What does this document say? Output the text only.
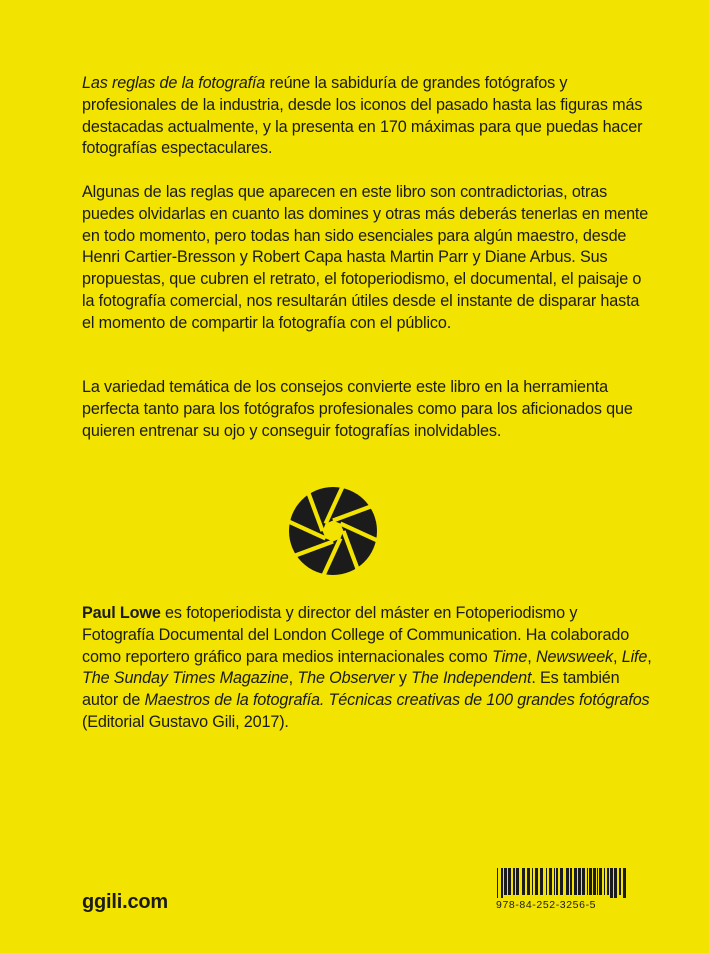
Las reglas de la fotografía reúne la sabiduría de grandes fotógrafos y profesionales de la industria, desde los iconos del pasado hasta las figuras más destacadas actualmente, y la presenta en 170 máximas para que puedas hacer fotografías espectaculares.

Algunas de las reglas que aparecen en este libro son contradictorias, otras puedes olvidarlas en cuanto las domines y otras más deberás tenerlas en mente en todo momento, pero todas han sido esenciales para algún maestro, desde Henri Cartier-Bresson y Robert Capa hasta Martin Parr y Diane Arbus. Sus propuestas, que cubren el retrato, el fotoperiodismo, el documental, el paisaje o la fotografía comercial, nos resultarán útiles desde el instante de disparar hasta el momento de compartir la fotografía con el público.

La variedad temática de los consejos convierte este libro en la herramienta perfecta tanto para los fotógrafos profesionales como para los aficionados que quieren entrenar su ojo y conseguir fotografías inolvidables.

Paul Lowe es fotoperiodista y director del máster en Fotoperiodismo y Fotografía Documental del London College of Communication. Ha colaborado como reportero gráfico para medios internacionales como Time, Newsweek, Life, The Sunday Times Magazine, The Observer y The Independent. Es también autor de Maestros de la fotografía. Técnicas creativas de 100 grandes fotógrafos (Editorial Gustavo Gili, 2017).

ggili.com	978-84-252-3256-5
